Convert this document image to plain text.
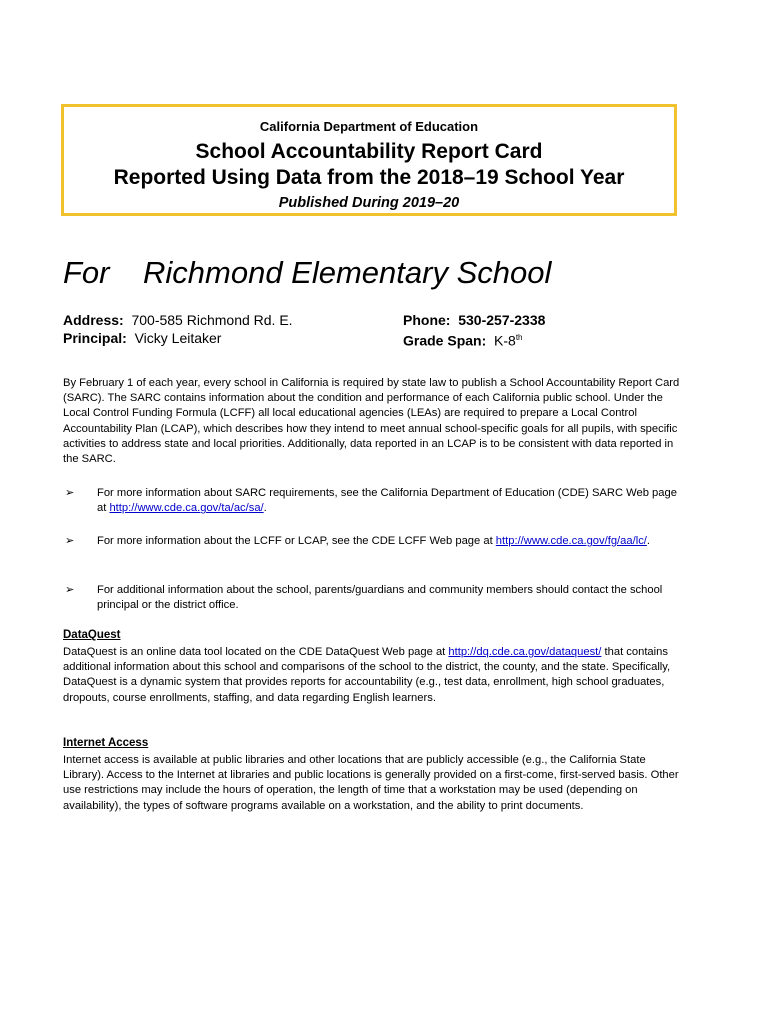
California Department of Education
School Accountability Report Card
Reported Using Data from the 2018–19 School Year
Published During 2019–20
For Richmond Elementary School
Address: 700-585 Richmond Rd. E.
Principal: Vicky Leitaker
Phone: 530-257-2338
Grade Span: K-8th
By February 1 of each year, every school in California is required by state law to publish a School Accountability Report Card (SARC). The SARC contains information about the condition and performance of each California public school. Under the Local Control Funding Formula (LCFF) all local educational agencies (LEAs) are required to prepare a Local Control Accountability Plan (LCAP), which describes how they intend to meet annual school-specific goals for all pupils, with specific activities to address state and local priorities. Additionally, data reported in an LCAP is to be consistent with data reported in the SARC.
➢ For more information about SARC requirements, see the California Department of Education (CDE) SARC Web page at http://www.cde.ca.gov/ta/ac/sa/.
➢ For more information about the LCFF or LCAP, see the CDE LCFF Web page at http://www.cde.ca.gov/fg/aa/lc/.
➢ For additional information about the school, parents/guardians and community members should contact the school principal or the district office.
DataQuest
DataQuest is an online data tool located on the CDE DataQuest Web page at http://dq.cde.ca.gov/dataquest/ that contains additional information about this school and comparisons of the school to the district, the county, and the state. Specifically, DataQuest is a dynamic system that provides reports for accountability (e.g., test data, enrollment, high school graduates, dropouts, course enrollments, staffing, and data regarding English learners.
Internet Access
Internet access is available at public libraries and other locations that are publicly accessible (e.g., the California State Library). Access to the Internet at libraries and public locations is generally provided on a first-come, first-served basis. Other use restrictions may include the hours of operation, the length of time that a workstation may be used (depending on availability), the types of software programs available on a workstation, and the ability to print documents.
